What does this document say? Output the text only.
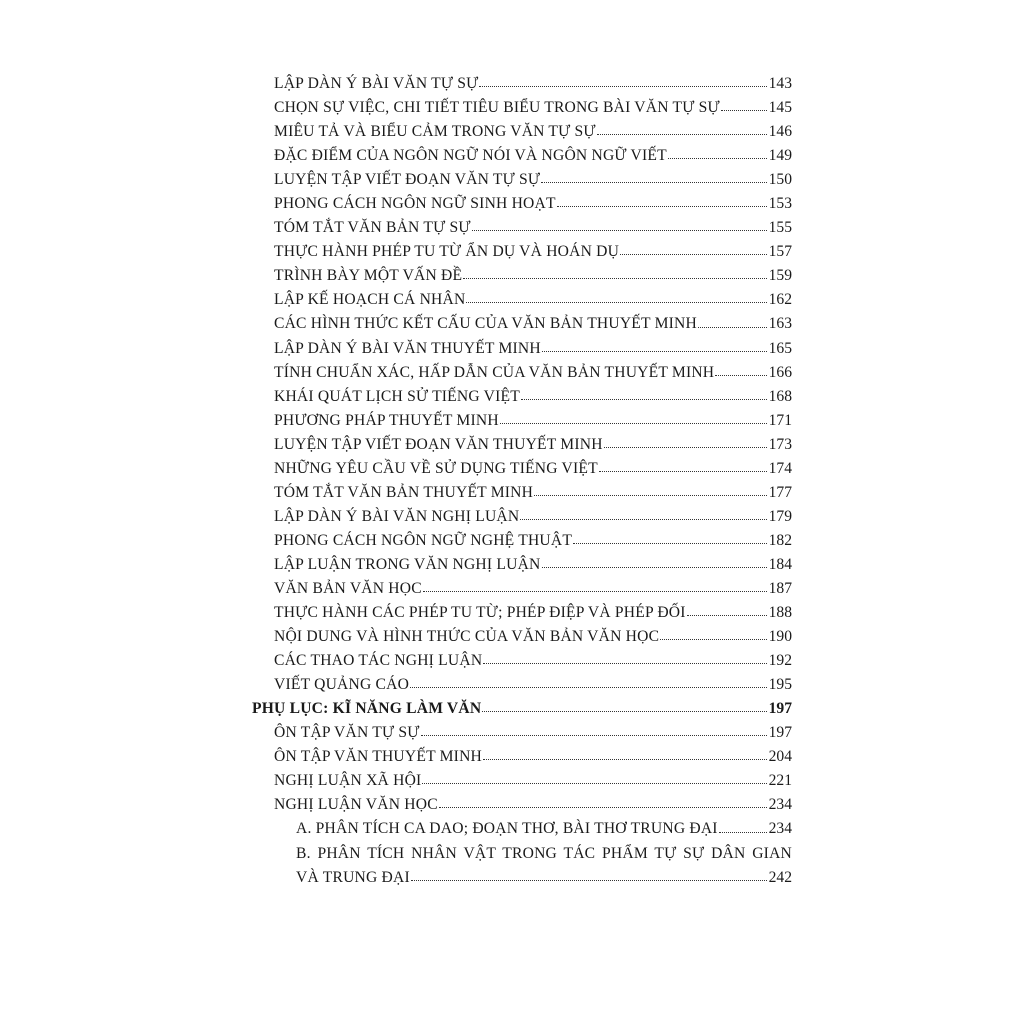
LẬP DÀN Ý BÀI VĂN TỰ SỰ	143
CHỌN SỰ VIỆC, CHI TIẾT TIÊU BIỂU TRONG BÀI VĂN TỰ SỰ	145
MIÊU TẢ VÀ BIỂU CẢM TRONG VĂN TỰ SỰ	146
ĐẶC ĐIỂM CỦA NGÔN NGỮ NÓI VÀ NGÔN NGỮ VIẾT	149
LUYỆN TẬP VIẾT ĐOẠN VĂN TỰ SỰ	150
PHONG CÁCH NGÔN NGỮ SINH HOẠT	153
TÓM TẮT VĂN BẢN TỰ SỰ	155
THỰC HÀNH PHÉP TU TỪ ẨN DỤ VÀ HOÁN DỤ	157
TRÌNH BÀY MỘT VẤN ĐỀ	159
LẬP KẾ HOẠCH CÁ NHÂN	162
CÁC HÌNH THỨC KẾT CẤU CỦA VĂN BẢN THUYẾT MINH	163
LẬP DÀN Ý BÀI VĂN THUYẾT MINH	165
TÍNH CHUẨN XÁC, HẤP DẪN CỦA VĂN BẢN THUYẾT MINH	166
KHÁI QUÁT LỊCH SỬ TIẾNG VIỆT	168
PHƯƠNG PHÁP THUYẾT MINH	171
LUYỆN TẬP VIẾT ĐOẠN VĂN THUYẾT MINH	173
NHỮNG YÊU CẦU VỀ SỬ DỤNG TIẾNG VIỆT	174
TÓM TẮT VĂN BẢN THUYẾT MINH	177
LẬP DÀN Ý BÀI VĂN NGHỊ LUẬN	179
PHONG CÁCH NGÔN NGỮ NGHỆ THUẬT	182
LẬP LUẬN TRONG VĂN NGHỊ LUẬN	184
VĂN BẢN VĂN HỌC	187
THỰC HÀNH CÁC PHÉP TU TỪ; PHÉP ĐIỆP VÀ PHÉP ĐỐI	188
NỘI DUNG VÀ HÌNH THỨC CỦA VĂN BẢN VĂN HỌC	190
CÁC THAO TÁC NGHỊ LUẬN	192
VIẾT QUẢNG CÁO	195
PHỤ LỤC: KĨ NĂNG LÀM VĂN	197
ÔN TẬP VĂN TỰ SỰ	197
ÔN TẬP VĂN THUYẾT MINH	204
NGHỊ LUẬN XÃ HỘI	221
NGHỊ LUẬN VĂN HỌC	234
A. PHÂN TÍCH CA DAO; ĐOẠN THƠ, BÀI THƠ TRUNG ĐẠI	234
B. PHÂN TÍCH NHÂN VẬT TRONG TÁC PHẨM TỰ SỰ DÂN GIAN
VÀ TRUNG ĐẠI	242
